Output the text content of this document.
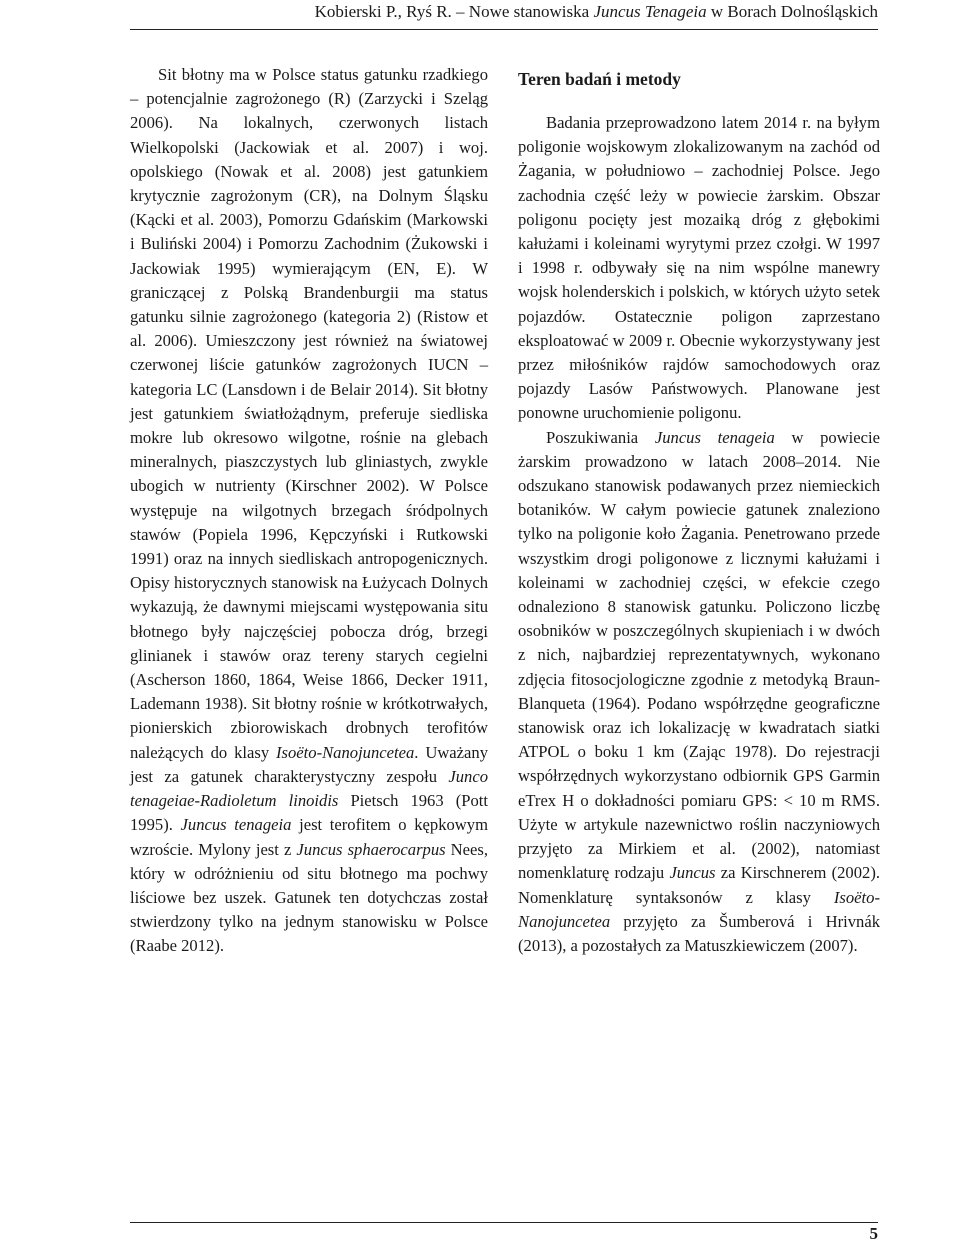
Kobierski P., Ryś R. – Nowe stanowiska Juncus Tenageia w Borach Dolnośląskich

Sit błotny ma w Polsce status gatunku rzadkiego – potencjalnie zagrożonego (R) (Zarzycki i Szeląg 2006). Na lokalnych, czerwonych listach Wielkopolski (Jackowiak et al. 2007) i woj. opolskiego (Nowak et al. 2008) jest gatunkiem krytycznie zagrożonym (CR), na Dolnym Śląsku (Kącki et al. 2003), Pomorzu Gdańskim (Markowski i Buliński 2004) i Pomorzu Zachodnim (Żukowski i Jackowiak 1995) wymierającym (EN, E). W graniczącej z Polską Brandenburgii ma status gatunku silnie zagrożonego (kategoria 2) (Ristow et al. 2006). Umieszczony jest również na światowej czerwonej liście gatunków zagrożonych IUCN – kategoria LC (Lansdown i de Belair 2014). Sit błotny jest gatunkiem światłożądnym, preferuje siedliska mokre lub okresowo wilgotne, rośnie na glebach mineralnych, piaszczystych lub gliniastych, zwykle ubogich w nutrienty (Kirschner 2002). W Polsce występuje na wilgotnych brzegach śródpolnych stawów (Popiela 1996, Kępczyński i Rutkowski 1991) oraz na innych siedliskach antropogenicznych. Opisy historycznych stanowisk na Łużycach Dolnych wykazują, że dawnymi miejscami występowania situ błotnego były najczęściej pobocza dróg, brzegi glinianek i stawów oraz tereny starych cegielni (Ascherson 1860, 1864, Weise 1866, Decker 1911, Lademann 1938). Sit błotny rośnie w krótkotrwałych, pionierskich zbiorowiskach drobnych terofitów należących do klasy Isoëto-Nanojuncetea. Uważany jest za gatunek charakterystyczny zespołu Junco tenageiae-Radioletum linoidis Pietsch 1963 (Pott 1995). Juncus tenageia jest terofitem o kępkowym wzroście. Mylony jest z Juncus sphaerocarpus Nees, który w odróżnieniu od situ błotnego ma pochwy liściowe bez uszek. Gatunek ten dotychczas został stwierdzony tylko na jednym stanowisku w Polsce (Raabe 2012).

Teren badań i metody

Badania przeprowadzono latem 2014 r. na byłym poligonie wojskowym zlokalizowanym na zachód od Żagania, w południowo – zachodniej Polsce. Jego zachodnia część leży w powiecie żarskim. Obszar poligonu pocięty jest mozaiką dróg z głębokimi kałużami i koleinami wyrytymi przez czołgi. W 1997 i 1998 r. odbywały się na nim wspólne manewry wojsk holenderskich i polskich, w których użyto setek pojazdów. Ostatecznie poligon zaprzestano eksploatować w 2009 r. Obecnie wykorzystywany jest przez miłośników rajdów samochodowych oraz pojazdy Lasów Państwowych. Planowane jest ponowne uruchomienie poligonu.

Poszukiwania Juncus tenageia w powiecie żarskim prowadzono w latach 2008–2014. Nie odszukano stanowisk podawanych przez niemieckich botaników. W całym powiecie gatunek znaleziono tylko na poligonie koło Żagania. Penetrowano przede wszystkim drogi poligonowe z licznymi kałużami i koleinami w zachodniej części, w efekcie czego odnaleziono 8 stanowisk gatunku. Policzono liczbę osobników w poszczególnych skupieniach i w dwóch z nich, najbardziej reprezentatywnych, wykonano zdjęcia fitosocjologiczne zgodnie z metodyką Braun-Blanqueta (1964). Podano współrzędne geograficzne stanowisk oraz ich lokalizację w kwadratach siatki ATPOL o boku 1 km (Zając 1978). Do rejestracji współrzędnych wykorzystano odbiornik GPS Garmin eTrex H o dokładności pomiaru GPS: < 10 m RMS. Użyte w artykule nazewnictwo roślin naczyniowych przyjęto za Mirkiem et al. (2002), natomiast nomenklaturę rodzaju Juncus za Kirschnerem (2002). Nomenklaturę syntaksonów z klasy Isoëto-Nanojuncetea przyjęto za Šumberová i Hrivnák (2013), a pozostałych za Matuszkiewiczem (2007).

5
